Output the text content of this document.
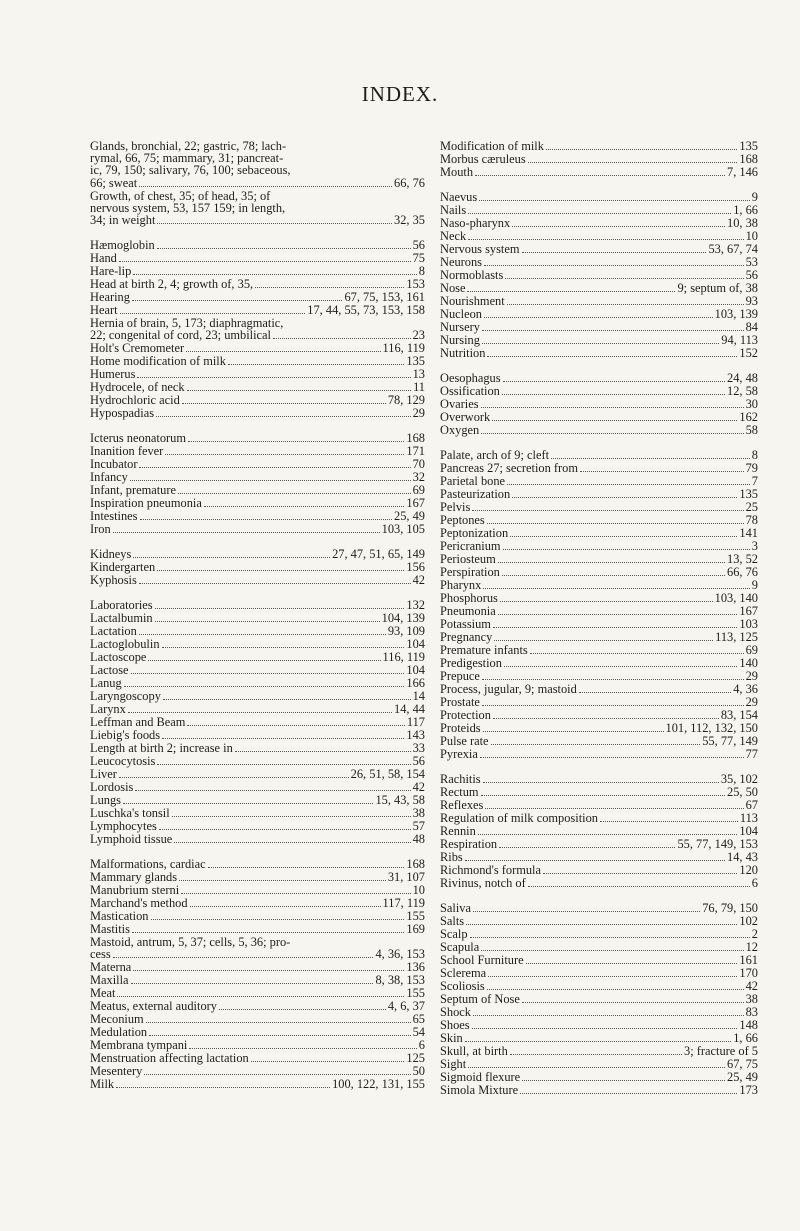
INDEX.
Glands, bronchial, 22; gastric, 78; lach-
rymal, 66, 75; mammary, 31; pancreat-
ic, 79, 150; salivary, 76, 100; sebaceous,
66; sweat	66, 76
Growth, of chest, 35; of head, 35; of
nervous system, 53, 157 159; in length,
34; in weight	32, 35
Hæmoglobin	56
Hand	75
Hare-lip	8
Head at birth 2, 4; growth of, 35,	153
Hearing	67, 75, 153, 161
Heart	17, 44, 55, 73, 153, 158
Hernia of brain, 5, 173; diaphragmatic,
22; congenital of cord, 23; umbilical	23
Holt's Cremometer	116, 119
Home modification of milk	135
Humerus	13
Hydrocele, of neck	11
Hydrochloric acid	78, 129
Hypospadias	29
Icterus neonatorum	168
Inanition fever	171
Incubator	70
Infancy	32
Infant, premature	69
Inspiration pneumonia	167
Intestines	25, 49
Iron	103, 105
Kidneys	27, 47, 51, 65, 149
Kindergarten	156
Kyphosis	42
Laboratories	132
Lactalbumin	104, 139
Lactation	93, 109
Lactoglobulin	104
Lactoscope	116, 119
Lactose	104
Lanug	166
Laryngoscopy	14
Larynx	14, 44
Leffman and Beam	117
Liebig's foods	143
Length at birth 2; increase in	33
Leucocytosis	56
Liver	26, 51, 58, 154
Lordosis	42
Lungs	15, 43, 58
Luschka's tonsil	38
Lymphocytes	57
Lymphoid tissue	48
Malformations, cardiac	168
Mammary glands	31, 107
Manubrium sterni	10
Marchand's method	117, 119
Mastication	155
Mastitis	169
Mastoid, antrum, 5, 37; cells, 5, 36; pro-
cess	4, 36, 153
Materna	136
Maxilla	8, 38, 153
Meat	155
Meatus, external auditory	4, 6, 37
Meconium	65
Medulation	54
Membrana tympani	6
Menstruation affecting lactation	125
Mesentery	50
Milk	100, 122, 131, 155
Modification of milk	135
Morbus cæruleus	168
Mouth	7, 146
Naevus	9
Nails	1, 66
Naso-pharynx	10, 38
Neck	10
Nervous system	53, 67, 74
Neurons	53
Normoblasts	56
Nose	9; septum of, 38
Nourishment	93
Nucleon	103, 139
Nursery	84
Nursing	94, 113
Nutrition	152
Oesophagus	24, 48
Ossification	12, 58
Ovaries	30
Overwork	162
Oxygen	58
Palate, arch of 9; cleft	8
Pancreas 27; secretion from	79
Parietal bone	7
Pasteurization	135
Pelvis	25
Peptones	78
Peptonization	141
Pericranium	3
Periosteum	13, 52
Perspiration	66, 76
Pharynx	9
Phosphorus	103, 140
Pneumonia	167
Potassium	103
Pregnancy	113, 125
Premature infants	69
Predigestion	140
Prepuce	29
Process, jugular, 9; mastoid	4, 36
Prostate	29
Protection	83, 154
Proteids	101, 112, 132, 150
Pulse rate	55, 77, 149
Pyrexia	77
Rachitis	35, 102
Rectum	25, 50
Reflexes	67
Regulation of milk composition	113
Rennin	104
Respiration	55, 77, 149, 153
Ribs	14, 43
Richmond's formula	120
Rivinus, notch of	6
Saliva	76, 79, 150
Salts	102
Scalp	2
Scapula	12
School Furniture	161
Sclerema	170
Scoliosis	42
Septum of Nose	38
Shock	83
Shoes	148
Skin	1, 66
Skull, at birth	3; fracture of 5
Sight	67, 75
Sigmoid flexure	25, 49
Simola Mixture	173
